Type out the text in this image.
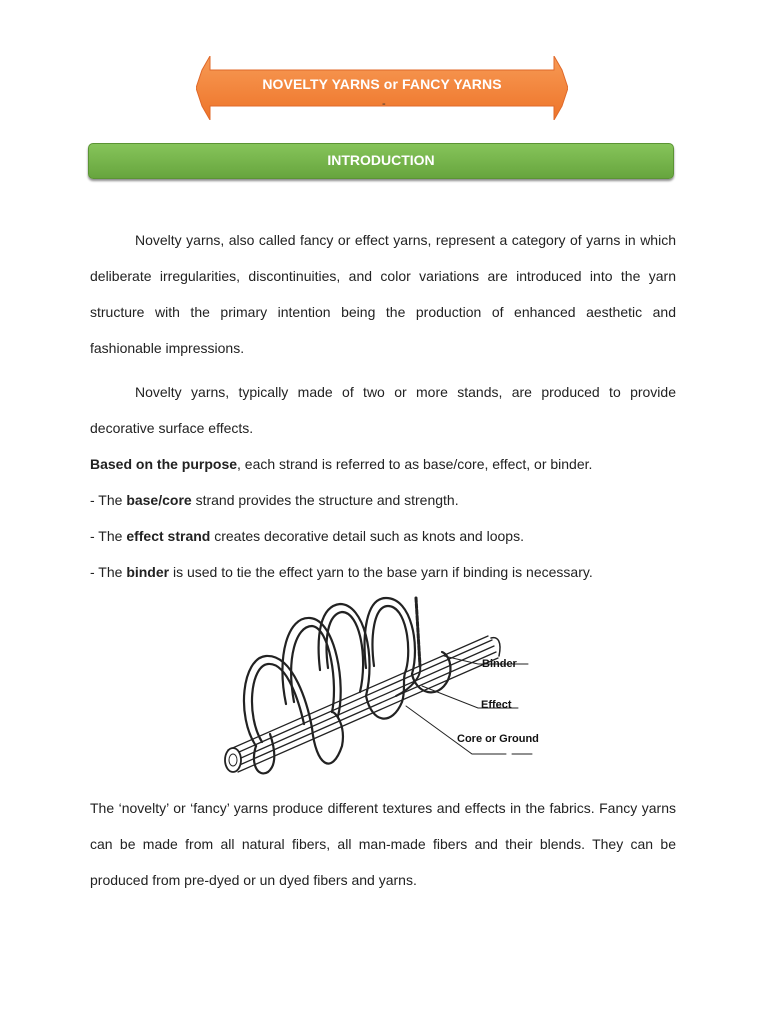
NOVELTY YARNS or FANCY YARNS
-
INTRODUCTION

Novelty yarns, also called fancy or effect yarns, represent a category of yarns in which deliberate irregularities, discontinuities, and color variations are introduced into the yarn structure with the primary intention being the production of enhanced aesthetic and fashionable impressions.

Novelty yarns, typically made of two or more stands, are produced to provide decorative surface effects.

Based on the purpose, each strand is referred to as base/core, effect, or binder.

- The base/core strand provides the structure and strength.

- The effect strand creates decorative detail such as knots and loops.

- The binder is used to tie the effect yarn to the base yarn if binding is necessary.

Binder
Effect
Core or Ground

The ‘novelty’ or ‘fancy’ yarns produce different textures and effects in the fabrics. Fancy yarns can be made from all natural fibers, all man-made fibers and their blends. They can be produced from pre-dyed or un dyed fibers and yarns.
